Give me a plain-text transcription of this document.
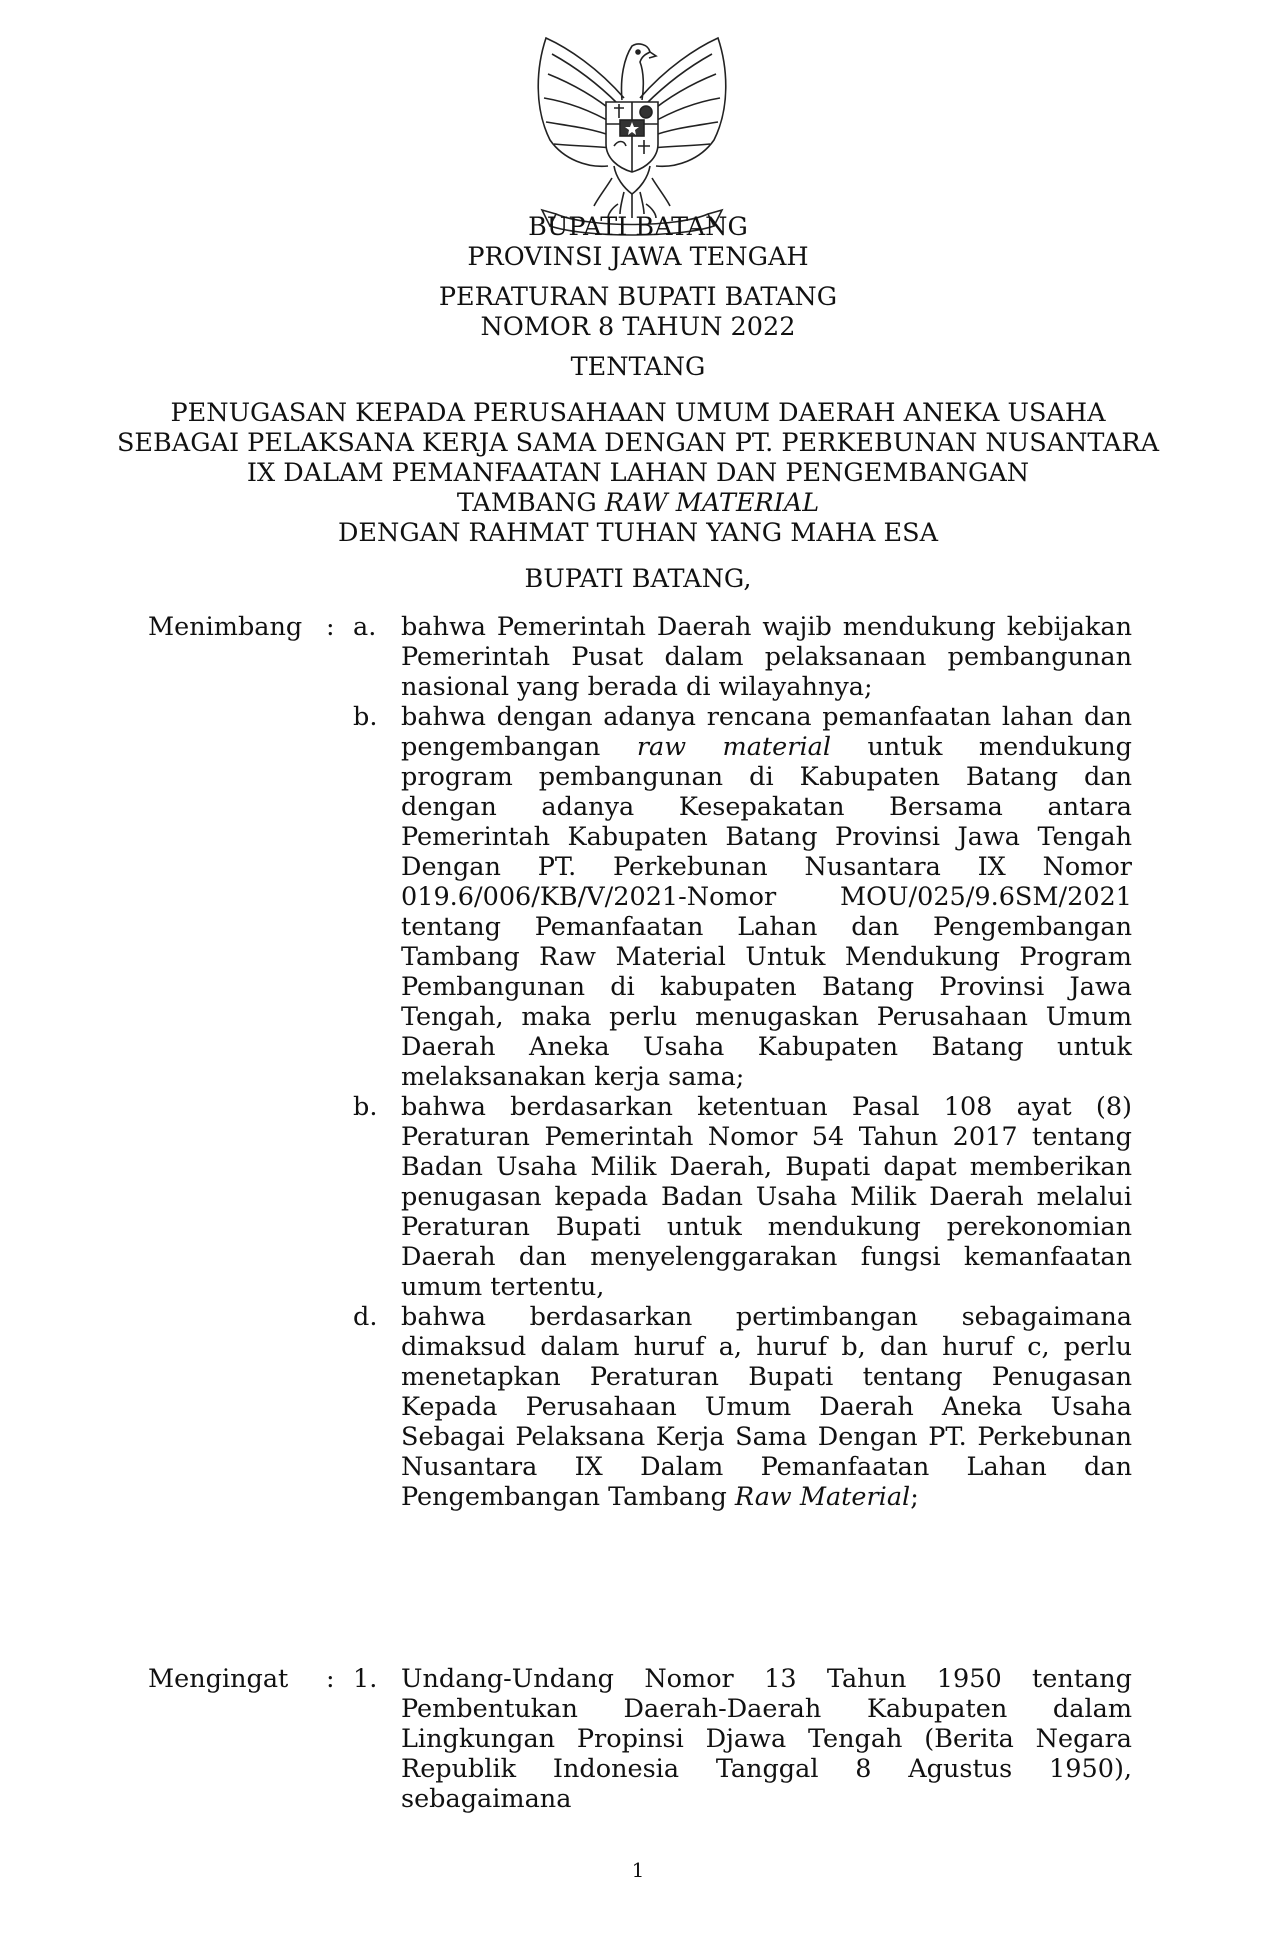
BUPATI BATANG
PROVINSI JAWA TENGAH
PERATURAN BUPATI BATANG
NOMOR 8 TAHUN 2022
TENTANG
PENUGASAN KEPADA PERUSAHAAN UMUM DAERAH ANEKA USAHA
SEBAGAI PELAKSANA KERJA SAMA DENGAN PT. PERKEBUNAN NUSANTARA
IX DALAM PEMANFAATAN LAHAN DAN PENGEMBANGAN
TAMBANG RAW MATERIAL
DENGAN RAHMAT TUHAN YANG MAHA ESA
BUPATI BATANG,
Menimbang : a. bahwa Pemerintah Daerah wajib mendukung kebijakan Pemerintah Pusat dalam pelaksanaan pembangunan nasional yang berada di wilayahnya;
b. bahwa dengan adanya rencana pemanfaatan lahan dan pengembangan raw material untuk mendukung program pembangunan di Kabupaten Batang dan dengan adanya Kesepakatan Bersama antara Pemerintah Kabupaten Batang Provinsi Jawa Tengah Dengan PT. Perkebunan Nusantara IX Nomor 019.6/006/KB/V/2021-Nomor MOU/025/9.6SM/2021 tentang Pemanfaatan Lahan dan Pengembangan Tambang Raw Material Untuk Mendukung Program Pembangunan di kabupaten Batang Provinsi Jawa Tengah, maka perlu menugaskan Perusahaan Umum Daerah Aneka Usaha Kabupaten Batang untuk melaksanakan kerja sama;
b. bahwa berdasarkan ketentuan Pasal 108 ayat (8) Peraturan Pemerintah Nomor 54 Tahun 2017 tentang Badan Usaha Milik Daerah, Bupati dapat memberikan penugasan kepada Badan Usaha Milik Daerah melalui Peraturan Bupati untuk mendukung perekonomian Daerah dan menyelenggarakan fungsi kemanfaatan umum tertentu,
d. bahwa berdasarkan pertimbangan sebagaimana dimaksud dalam huruf a, huruf b, dan huruf c, perlu menetapkan Peraturan Bupati tentang Penugasan Kepada Perusahaan Umum Daerah Aneka Usaha Sebagai Pelaksana Kerja Sama Dengan PT. Perkebunan Nusantara IX Dalam Pemanfaatan Lahan dan Pengembangan Tambang Raw Material;
Mengingat : 1. Undang-Undang Nomor 13 Tahun 1950 tentang Pembentukan Daerah-Daerah Kabupaten dalam Lingkungan Propinsi Djawa Tengah (Berita Negara Republik Indonesia Tanggal 8 Agustus 1950), sebagaimana
1
